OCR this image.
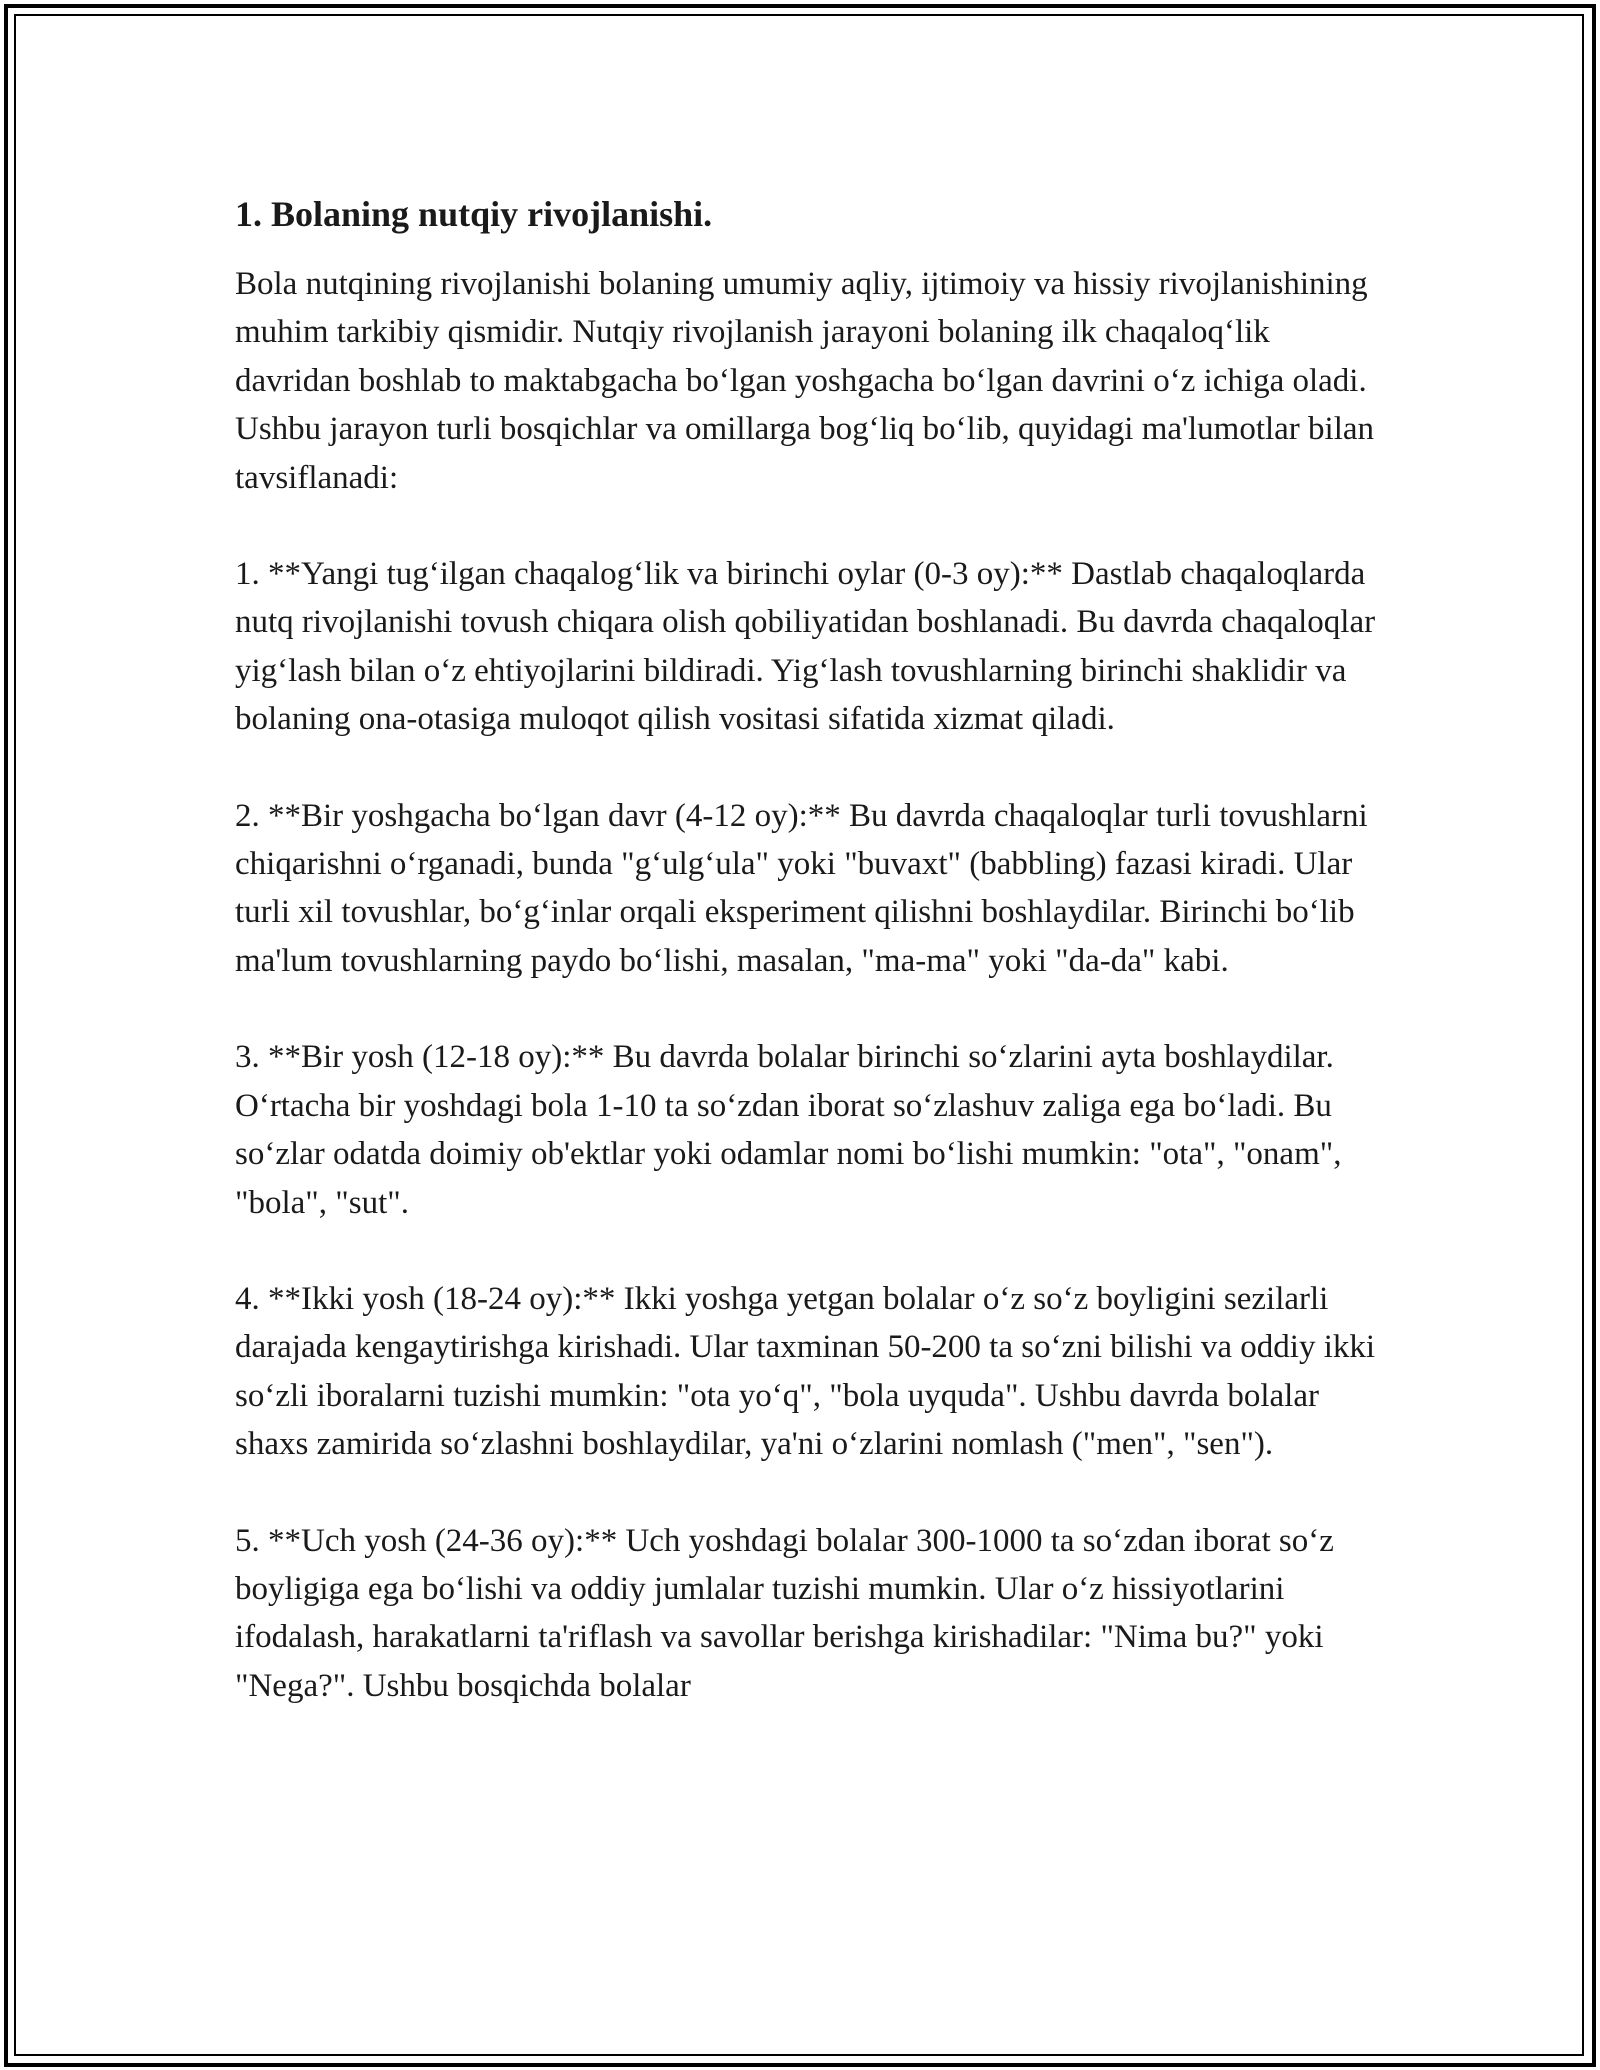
1. Bolaning nutqiy rivojlanishi.

Bola nutqining rivojlanishi bolaning umumiy aqliy, ijtimoiy va hissiy rivojlanishining muhim tarkibiy qismidir. Nutqiy rivojlanish jarayoni bolaning ilk chaqaloq‘lik davridan boshlab to maktabgacha bo‘lgan yoshgacha bo‘lgan davrini o‘z ichiga oladi. Ushbu jarayon turli bosqichlar va omillarga bog‘liq bo‘lib, quyidagi ma'lumotlar bilan tavsiflanadi:

1. **Yangi tug‘ilgan chaqalog‘lik va birinchi oylar (0-3 oy):** Dastlab chaqaloqlarda nutq rivojlanishi tovush chiqara olish qobiliyatidan boshlanadi. Bu davrda chaqaloqlar yig‘lash bilan o‘z ehtiyojlarini bildiradi. Yig‘lash tovushlarning birinchi shaklidir va bolaning ona-otasiga muloqot qilish vositasi sifatida xizmat qiladi.

2. **Bir yoshgacha bo‘lgan davr (4-12 oy):** Bu davrda chaqaloqlar turli tovushlarni chiqarishni o‘rganadi, bunda "g‘ulg‘ula" yoki "buvaxt" (babbling) fazasi kiradi. Ular turli xil tovushlar, bo‘g‘inlar orqali eksperiment qilishni boshlaydilar. Birinchi bo‘lib ma'lum tovushlarning paydo bo‘lishi, masalan, "ma-ma" yoki "da-da" kabi.

3. **Bir yosh (12-18 oy):** Bu davrda bolalar birinchi so‘zlarini ayta boshlaydilar. O‘rtacha bir yoshdagi bola 1-10 ta so‘zdan iborat so‘zlashuv zaliga ega bo‘ladi. Bu so‘zlar odatda doimiy ob'ektlar yoki odamlar nomi bo‘lishi mumkin: "ota", "onam", "bola", "sut".

4. **Ikki yosh (18-24 oy):** Ikki yoshga yetgan bolalar o‘z so‘z boyligini sezilarli darajada kengaytirishga kirishadi. Ular taxminan 50-200 ta so‘zni bilishi va oddiy ikki so‘zli iboralarni tuzishi mumkin: "ota yo‘q", "bola uyquda". Ushbu davrda bolalar shaxs zamirida so‘zlashni boshlaydilar, ya'ni o‘zlarini nomlash ("men", "sen").

5. **Uch yosh (24-36 oy):** Uch yoshdagi bolalar 300-1000 ta so‘zdan iborat so‘z boyligiga ega bo‘lishi va oddiy jumlalar tuzishi mumkin. Ular o‘z hissiyotlarini ifodalash, harakatlarni ta'riflash va savollar berishga kirishadilar: "Nima bu?" yoki "Nega?". Ushbu bosqichda bolalar
